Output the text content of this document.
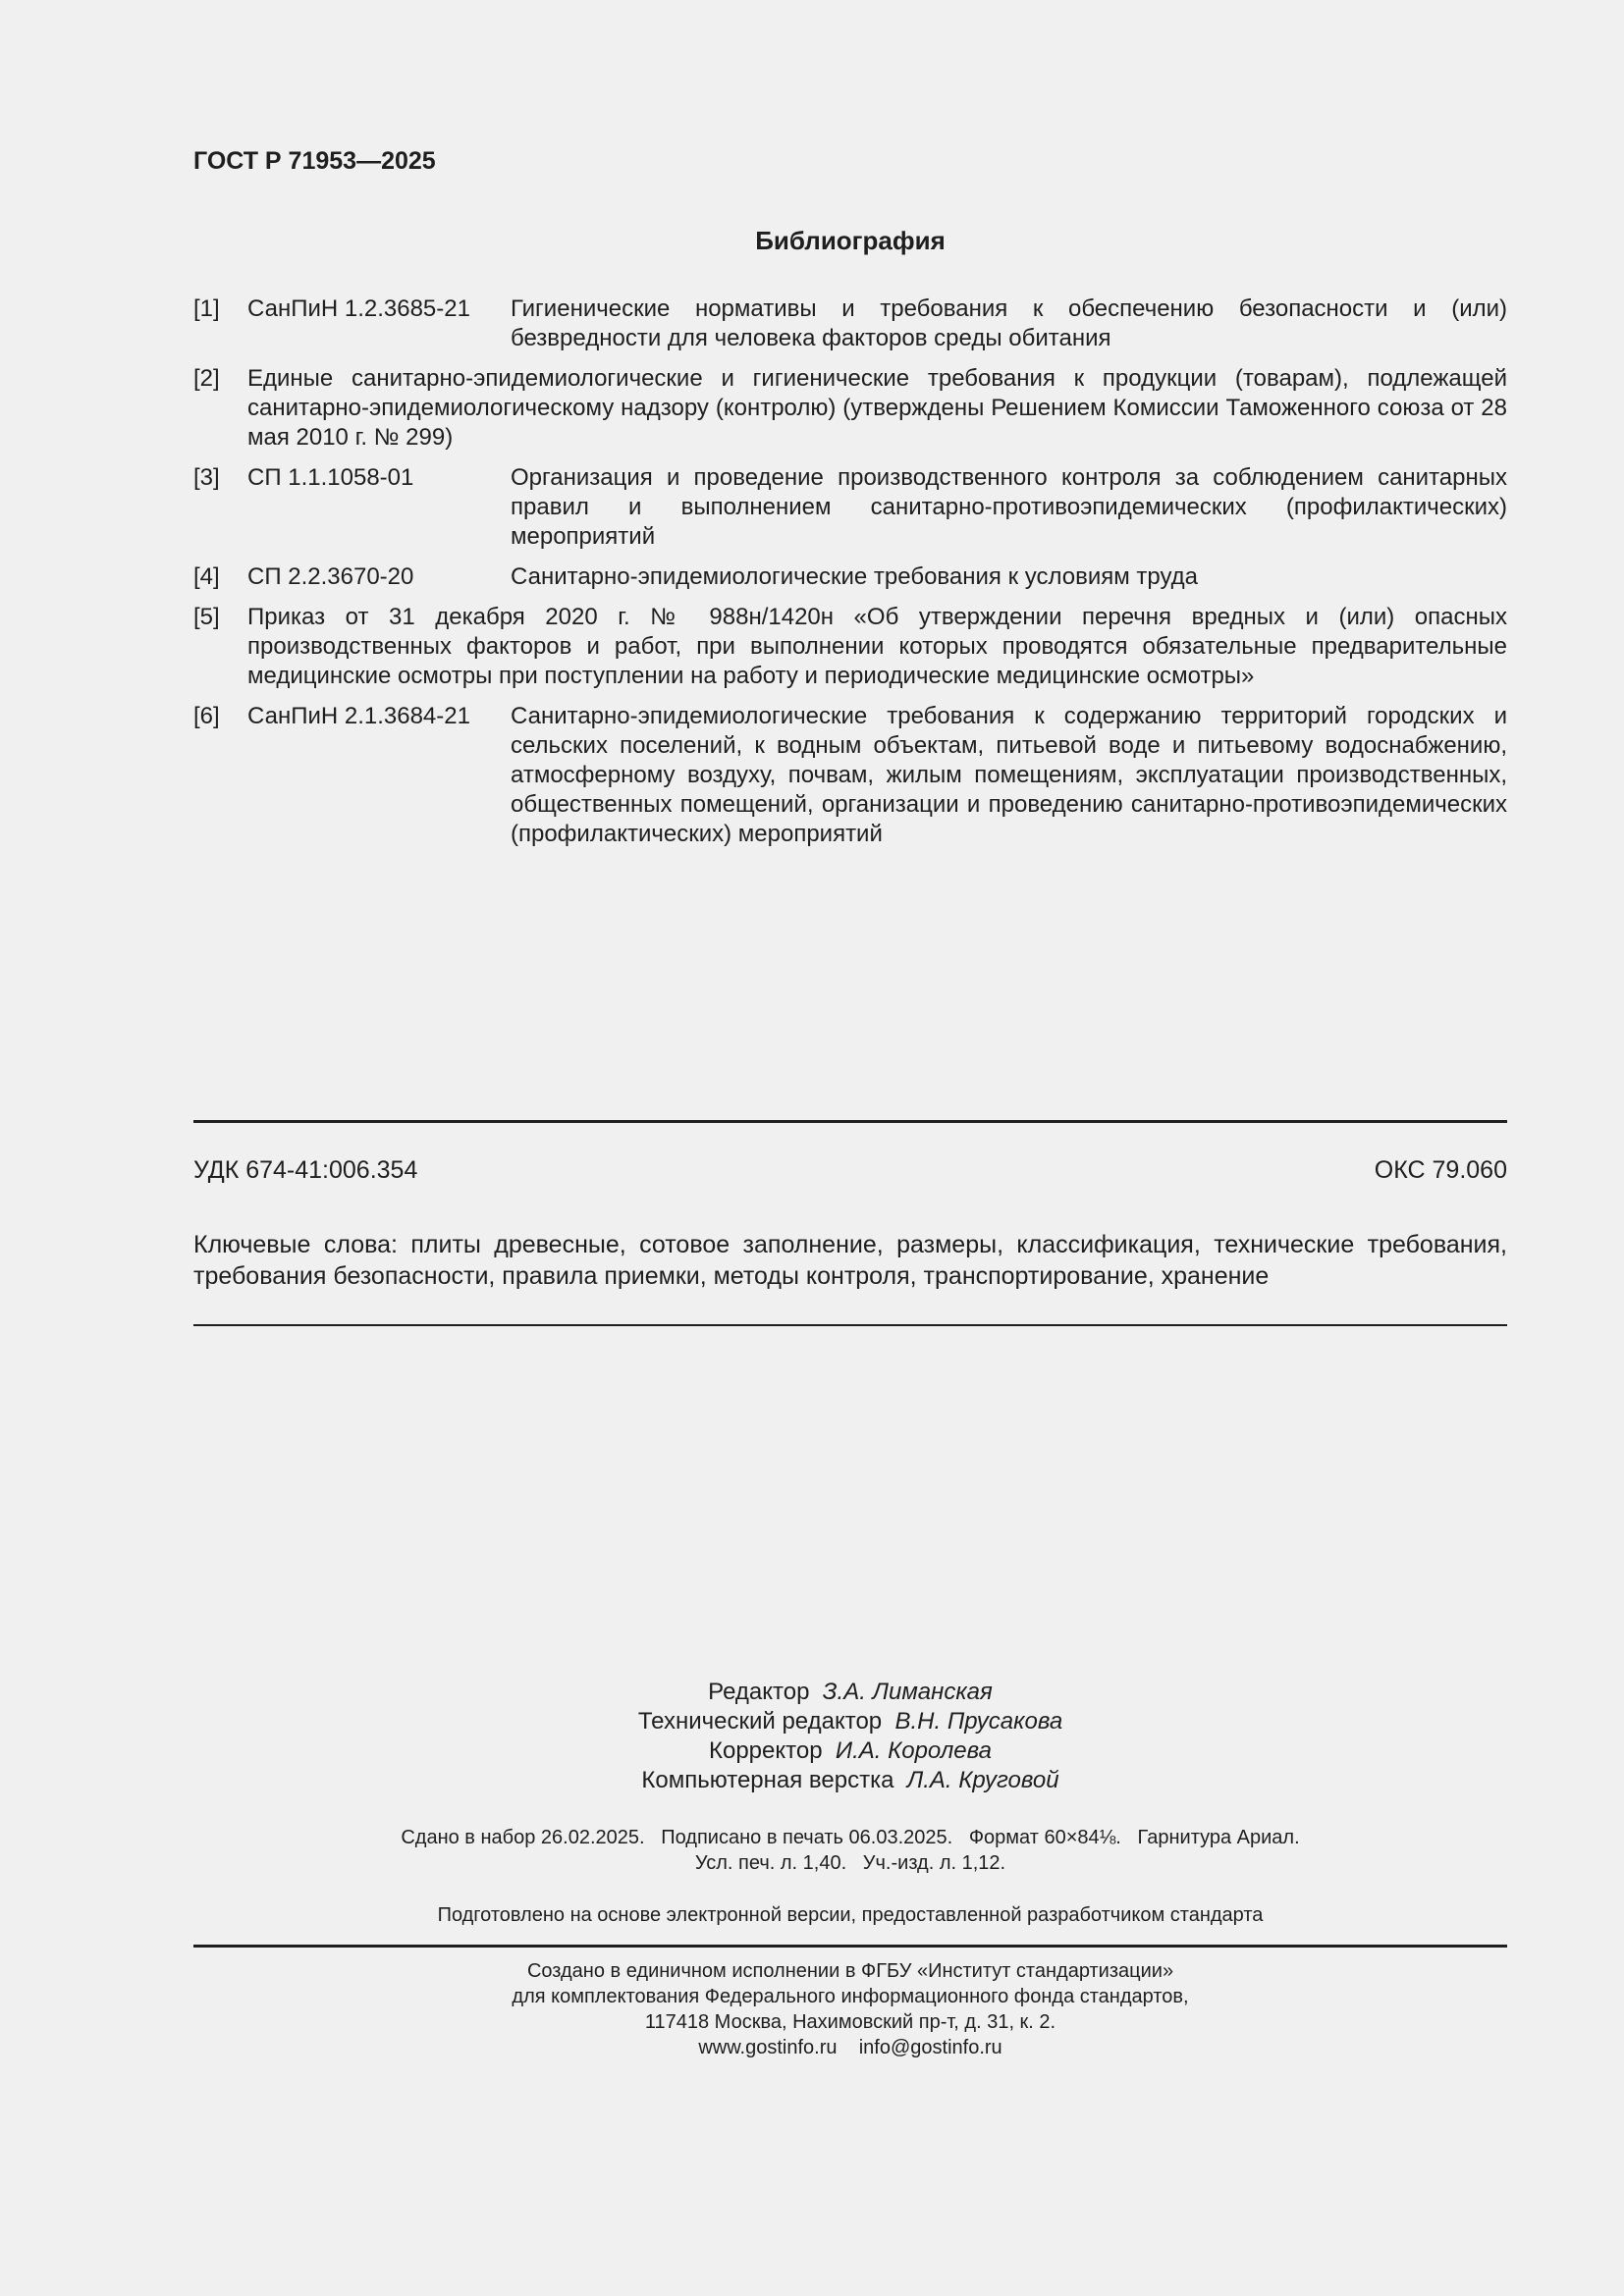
ГОСТ Р 71953—2025
Библиография
[1]	СанПиН 1.2.3685-21	Гигиенические нормативы и требования к обеспечению безопасности и (или) безвредности для человека факторов среды обитания
[2]	Единые санитарно-эпидемиологические и гигиенические требования к продукции (товарам), подлежащей санитарно-эпидемиологическому надзору (контролю) (утверждены Решением Комиссии Таможенного союза от 28 мая 2010 г. № 299)
[3]	СП 1.1.1058-01	Организация и проведение производственного контроля за соблюдением санитарных правил и выполнением санитарно-противоэпидемических (профилактических) мероприятий
[4]	СП 2.2.3670-20	Санитарно-эпидемиологические требования к условиям труда
[5]	Приказ от 31 декабря 2020 г. № 988н/1420н «Об утверждении перечня вредных и (или) опасных производственных факторов и работ, при выполнении которых проводятся обязательные предварительные медицинские осмотры при поступлении на работу и периодические медицинские осмотры»
[6]	СанПиН 2.1.3684-21	Санитарно-эпидемиологические требования к содержанию территорий городских и сельских поселений, к водным объектам, питьевой воде и питьевому водоснабжению, атмосферному воздуху, почвам, жилым помещениям, эксплуатации производственных, общественных помещений, организации и проведению санитарно-противоэпидемических (профилактических) мероприятий
УДК 674-41:006.354	ОКС 79.060
Ключевые слова: плиты древесные, сотовое заполнение, размеры, классификация, технические требования, требования безопасности, правила приемки, методы контроля, транспортирование, хранение
Редактор З.А. Лиманская
Технический редактор В.Н. Прусакова
Корректор И.А. Королева
Компьютерная верстка Л.А. Круговой
Сдано в набор 26.02.2025.   Подписано в печать 06.03.2025.   Формат 60×84⅛.   Гарнитура Ариал.
Усл. печ. л. 1,40.   Уч.-изд. л. 1,12.
Подготовлено на основе электронной версии, предоставленной разработчиком стандарта
Создано в единичном исполнении в ФГБУ «Институт стандартизации»
для комплектования Федерального информационного фонда стандартов,
117418 Москва, Нахимовский пр-т, д. 31, к. 2.
www.gostinfo.ru    info@gostinfo.ru
